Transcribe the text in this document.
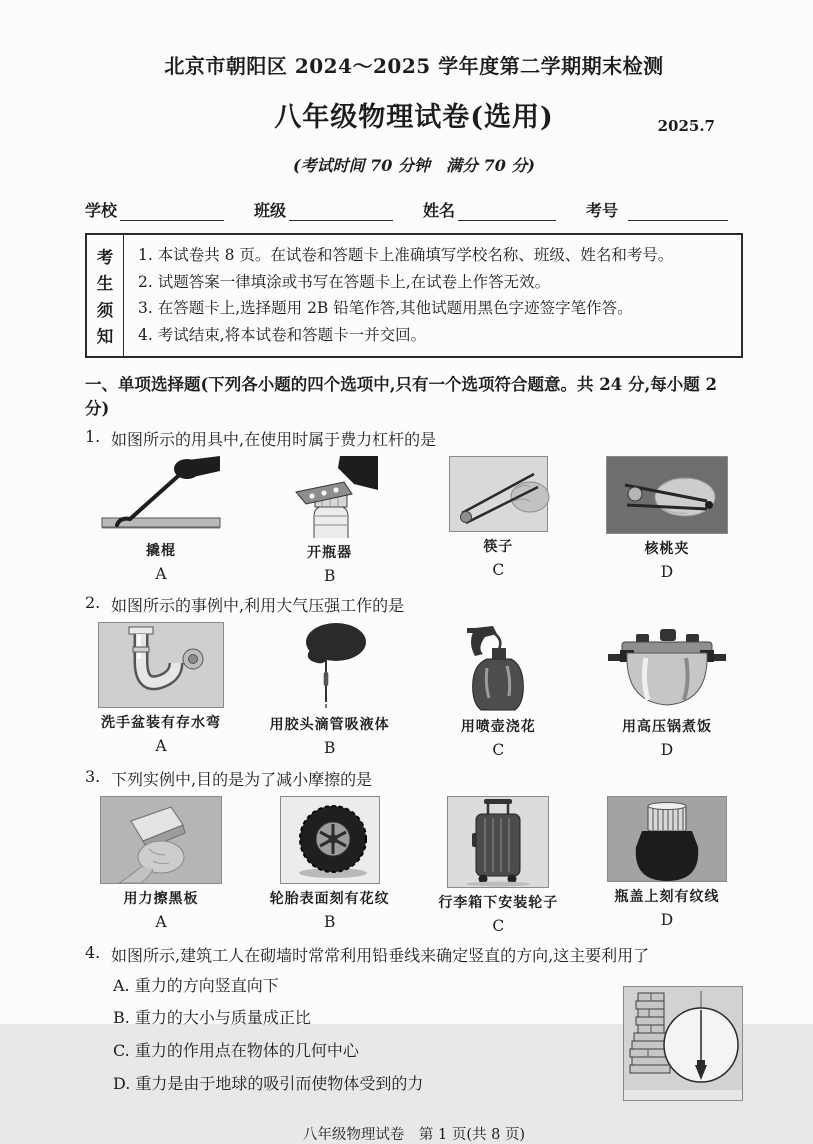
北京市朝阳区 2024～2025 学年度第二学期期末检测
八年级物理试卷(选用)	2025.7
(考试时间 70 分钟　满分 70 分)
学校	班级	姓名	考号
考
生
须
知
1. 本试卷共 8 页。在试卷和答题卡上准确填写学校名称、班级、姓名和考号。
2. 试题答案一律填涂或书写在答题卡上,在试卷上作答无效。
3. 在答题卡上,选择题用 2B 铅笔作答,其他试题用黑色字迹签字笔作答。
4. 考试结束,将本试卷和答题卡一并交回。
一、单项选择题(下列各小题的四个选项中,只有一个选项符合题意。共 24 分,每小题 2 分)
1. 如图所示的用具中,在使用时属于费力杠杆的是
撬棍
A
开瓶器
B
筷子
C
核桃夹
D
2. 如图所示的事例中,利用大气压强工作的是
洗手盆装有存水弯
A
用胶头滴管吸液体
B
用喷壶浇花
C
用高压锅煮饭
D
3. 下列实例中,目的是为了减小摩擦的是
用力擦黑板
A
轮胎表面刻有花纹
B
行李箱下安装轮子
C
瓶盖上刻有纹线
D
4. 如图所示,建筑工人在砌墙时常常利用铅垂线来确定竖直的方向,这主要利用了
A. 重力的方向竖直向下
B. 重力的大小与质量成正比
C. 重力的作用点在物体的几何中心
D. 重力是由于地球的吸引而使物体受到的力
八年级物理试卷　第 1 页(共 8 页)
